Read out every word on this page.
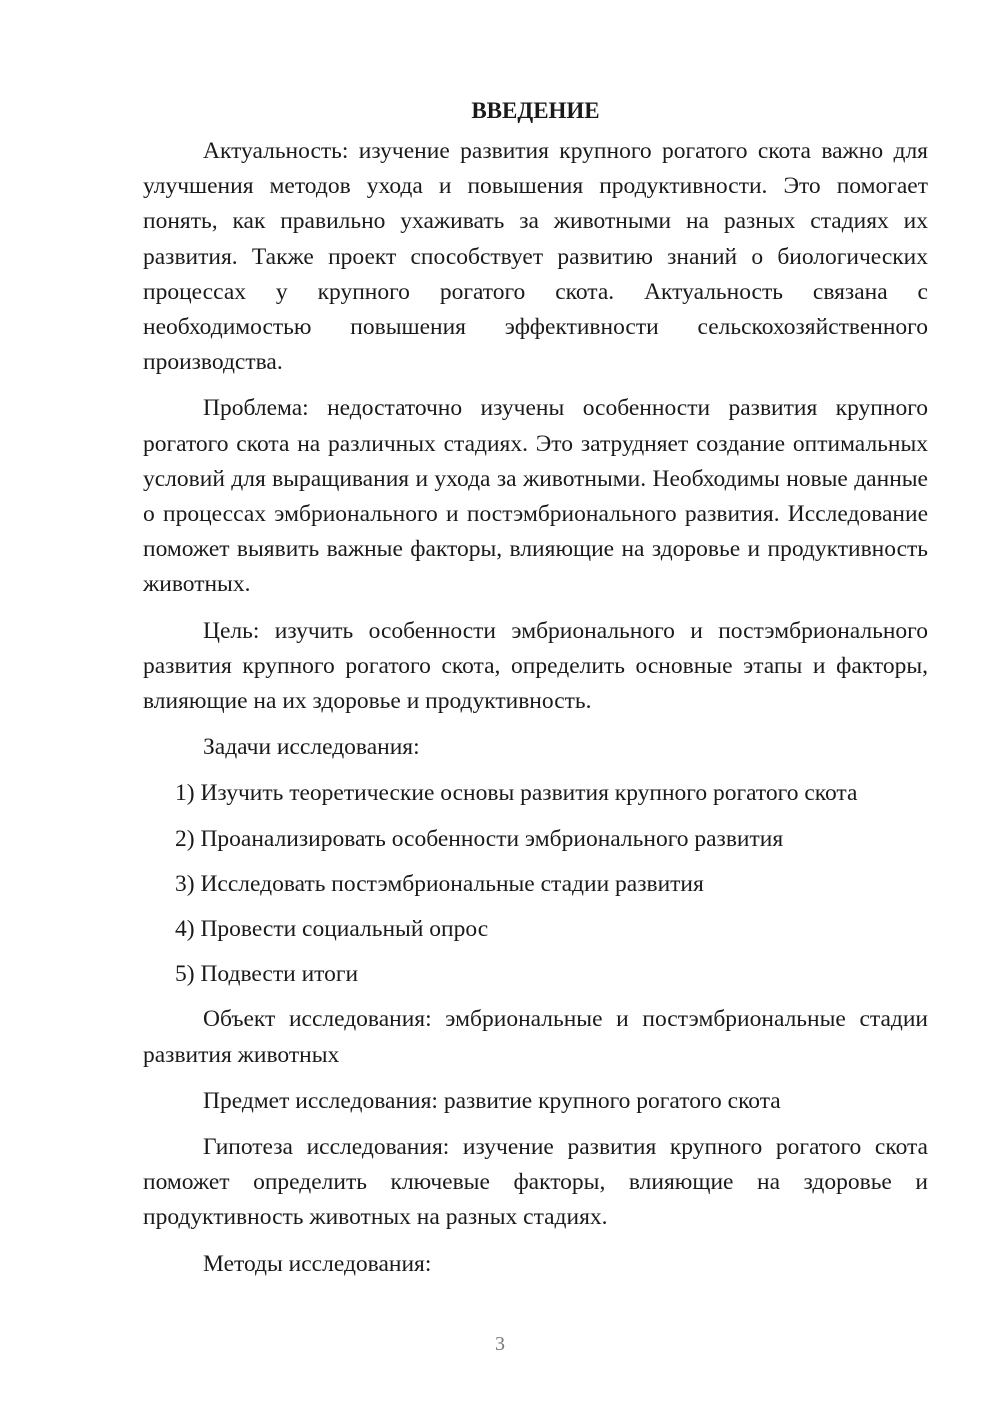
ВВЕДЕНИЕ

Актуальность: изучение развития крупного рогатого скота важно для улучшения методов ухода и повышения продуктивности. Это помогает понять, как правильно ухаживать за животными на разных стадиях их развития. Также проект способствует развитию знаний о биологических процессах у крупного рогатого скота. Актуальность связана с необходимостью повышения эффективности сельскохозяйственного производства.

Проблема: недостаточно изучены особенности развития крупного рогатого скота на различных стадиях. Это затрудняет создание оптимальных условий для выращивания и ухода за животными. Необходимы новые данные о процессах эмбрионального и постэмбрионального развития. Исследование поможет выявить важные факторы, влияющие на здоровье и продуктивность животных.

Цель: изучить особенности эмбрионального и постэмбрионального развития крупного рогатого скота, определить основные этапы и факторы, влияющие на их здоровье и продуктивность.

Задачи исследования:

1) Изучить теоретические основы развития крупного рогатого скота
2) Проанализировать особенности эмбрионального развития
3) Исследовать постэмбриональные стадии развития
4) Провести социальный опрос
5) Подвести итоги

Объект исследования: эмбриональные и постэмбриональные стадии развития животных

Предмет исследования: развитие крупного рогатого скота

Гипотеза исследования: изучение развития крупного рогатого скота поможет определить ключевые факторы, влияющие на здоровье и продуктивность животных на разных стадиях.

Методы исследования:

3
